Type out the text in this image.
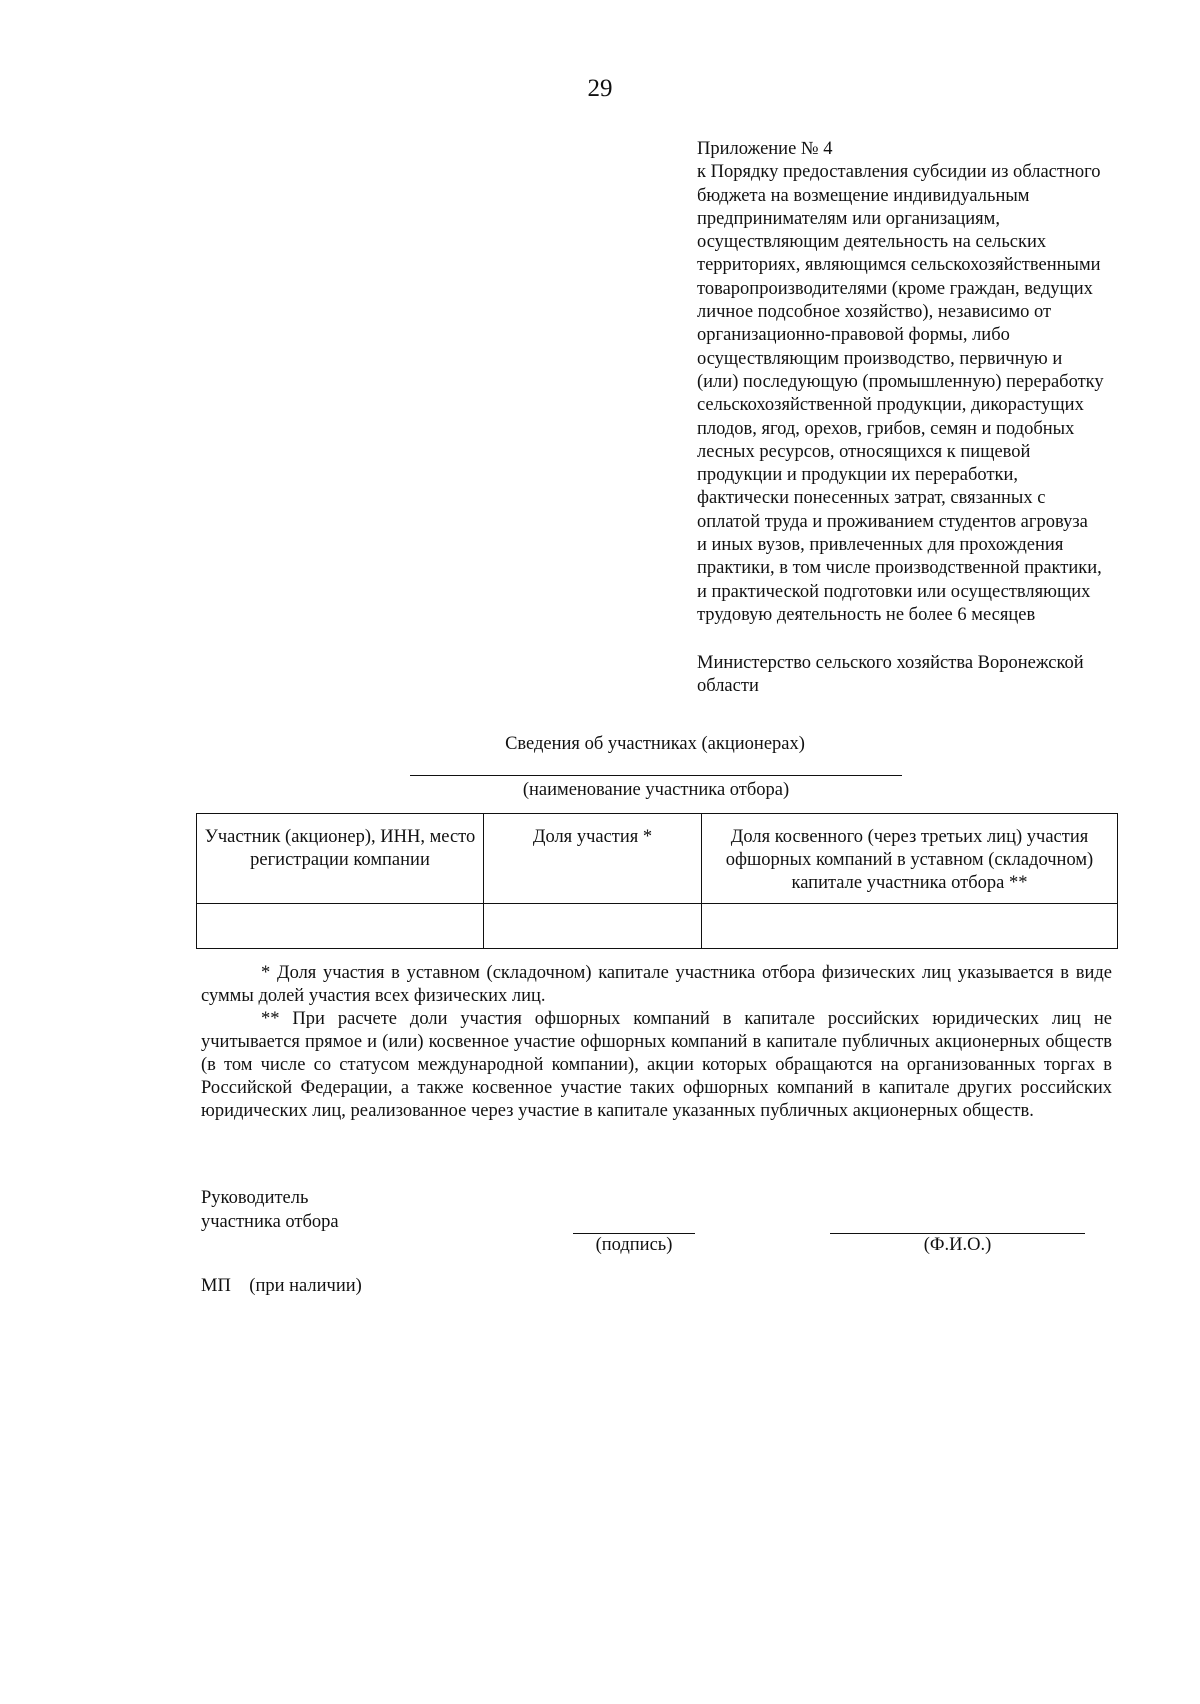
29
Приложение № 4
к Порядку предоставления субсидии из областного
бюджета на возмещение индивидуальным
предпринимателям или организациям,
осуществляющим деятельность на сельских
территориях, являющимся сельскохозяйственными
товаропроизводителями (кроме граждан, ведущих
личное подсобное хозяйство), независимо от
организационно-правовой формы, либо
осуществляющим производство, первичную и
(или) последующую (промышленную) переработку
сельскохозяйственной продукции, дикорастущих
плодов, ягод, орехов, грибов, семян и подобных
лесных ресурсов, относящихся к пищевой
продукции и продукции их переработки,
фактически понесенных затрат, связанных с
оплатой труда и проживанием студентов агровуза
и иных вузов, привлеченных для прохождения
практики, в том числе производственной практики,
и практической подготовки или осуществляющих
трудовую деятельность не более 6 месяцев
Министерство сельского хозяйства Воронежской
области
Сведения об участниках (акционерах)
(наименование участника отбора)
Участник (акционер), ИНН, место регистрации компании	Доля участия *	Доля косвенного (через третьих лиц) участия офшорных компаний в уставном (складочном) капитале участника отбора **

* Доля участия в уставном (складочном) капитале участника отбора физических лиц указывается в виде суммы долей участия всех физических лиц.

** При расчете доли участия офшорных компаний в капитале российских юридических лиц не учитывается прямое и (или) косвенное участие офшорных компаний в капитале публичных акционерных обществ (в том числе со статусом международной компании), акции которых обращаются на организованных торгах в Российской Федерации, а также косвенное участие таких офшорных компаний в капитале других российских юридических лиц, реализованное через участие в капитале указанных публичных акционерных обществ.

Руководитель
участника отбора
(подпись)	(Ф.И.О.)
МП    (при наличии)
